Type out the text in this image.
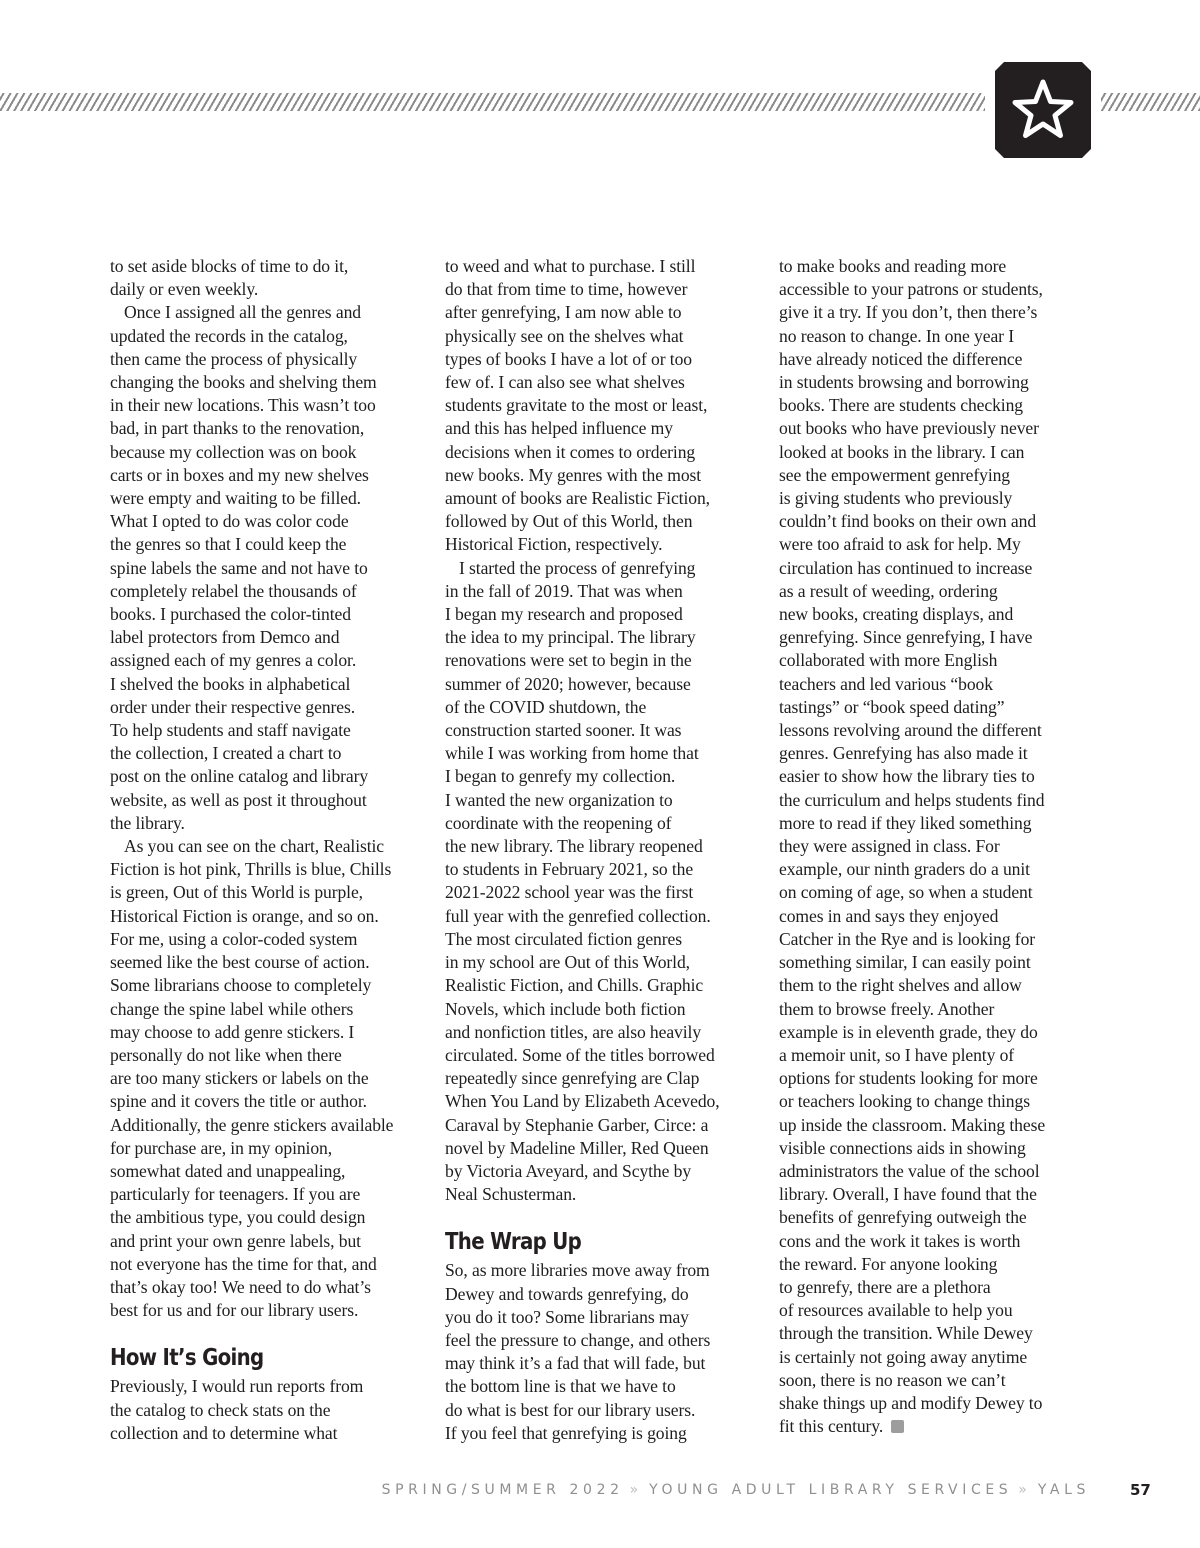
to set aside blocks of time to do it,
daily or even weekly.

Once I assigned all the genres and
updated the records in the catalog,
then came the process of physically
changing the books and shelving them
in their new locations. This wasn’t too
bad, in part thanks to the renovation,
because my collection was on book
carts or in boxes and my new shelves
were empty and waiting to be filled.
What I opted to do was color code
the genres so that I could keep the
spine labels the same and not have to
completely relabel the thousands of
books. I purchased the color-tinted
label protectors from Demco and
assigned each of my genres a color.
I shelved the books in alphabetical
order under their respective genres.
To help students and staff navigate
the collection, I created a chart to
post on the online catalog and library
website, as well as post it throughout
the library.

As you can see on the chart, Realistic
Fiction is hot pink, Thrills is blue, Chills
is green, Out of this World is purple,
Historical Fiction is orange, and so on.
For me, using a color-coded system
seemed like the best course of action.
Some librarians choose to completely
change the spine label while others
may choose to add genre stickers. I
personally do not like when there
are too many stickers or labels on the
spine and it covers the title or author.
Additionally, the genre stickers available
for purchase are, in my opinion,
somewhat dated and unappealing,
particularly for teenagers. If you are
the ambitious type, you could design
and print your own genre labels, but
not everyone has the time for that, and
that’s okay too! We need to do what’s
best for us and for our library users.

How It’s Going

Previously, I would run reports from
the catalog to check stats on the
collection and to determine what

to weed and what to purchase. I still
do that from time to time, however
after genrefying, I am now able to
physically see on the shelves what
types of books I have a lot of or too
few of. I can also see what shelves
students gravitate to the most or least,
and this has helped influence my
decisions when it comes to ordering
new books. My genres with the most
amount of books are Realistic Fiction,
followed by Out of this World, then
Historical Fiction, respectively.

I started the process of genrefying
in the fall of 2019. That was when
I began my research and proposed
the idea to my principal. The library
renovations were set to begin in the
summer of 2020; however, because
of the COVID shutdown, the
construction started sooner. It was
while I was working from home that
I began to genrefy my collection.
I wanted the new organization to
coordinate with the reopening of
the new library. The library reopened
to students in February 2021, so the
2021-2022 school year was the first
full year with the genrefied collection.
The most circulated fiction genres
in my school are Out of this World,
Realistic Fiction, and Chills. Graphic
Novels, which include both fiction
and nonfiction titles, are also heavily
circulated. Some of the titles borrowed
repeatedly since genrefying are Clap
When You Land by Elizabeth Acevedo,
Caraval by Stephanie Garber, Circe: a
novel by Madeline Miller, Red Queen
by Victoria Aveyard, and Scythe by
Neal Schusterman.

The Wrap Up

So, as more libraries move away from
Dewey and towards genrefying, do
you do it too? Some librarians may
feel the pressure to change, and others
may think it’s a fad that will fade, but
the bottom line is that we have to
do what is best for our library users.
If you feel that genrefying is going

to make books and reading more
accessible to your patrons or students,
give it a try. If you don’t, then there’s
no reason to change. In one year I
have already noticed the difference
in students browsing and borrowing
books. There are students checking
out books who have previously never
looked at books in the library. I can
see the empowerment genrefying
is giving students who previously
couldn’t find books on their own and
were too afraid to ask for help. My
circulation has continued to increase
as a result of weeding, ordering
new books, creating displays, and
genrefying. Since genrefying, I have
collaborated with more English
teachers and led various “book
tastings” or “book speed dating”
lessons revolving around the different
genres. Genrefying has also made it
easier to show how the library ties to
the curriculum and helps students find
more to read if they liked something
they were assigned in class. For
example, our ninth graders do a unit
on coming of age, so when a student
comes in and says they enjoyed
Catcher in the Rye and is looking for
something similar, I can easily point
them to the right shelves and allow
them to browse freely. Another
example is in eleventh grade, they do
a memoir unit, so I have plenty of
options for students looking for more
or teachers looking to change things
up inside the classroom. Making these
visible connections aids in showing
administrators the value of the school
library. Overall, I have found that the
benefits of genrefying outweigh the
cons and the work it takes is worth
the reward. For anyone looking
to genrefy, there are a plethora
of resources available to help you
through the transition. While Dewey
is certainly not going away anytime
soon, there is no reason we can’t
shake things up and modify Dewey to
fit this century.

SPRING/SUMMER 2022 » YOUNG ADULT LIBRARY SERVICES » YALS	57
